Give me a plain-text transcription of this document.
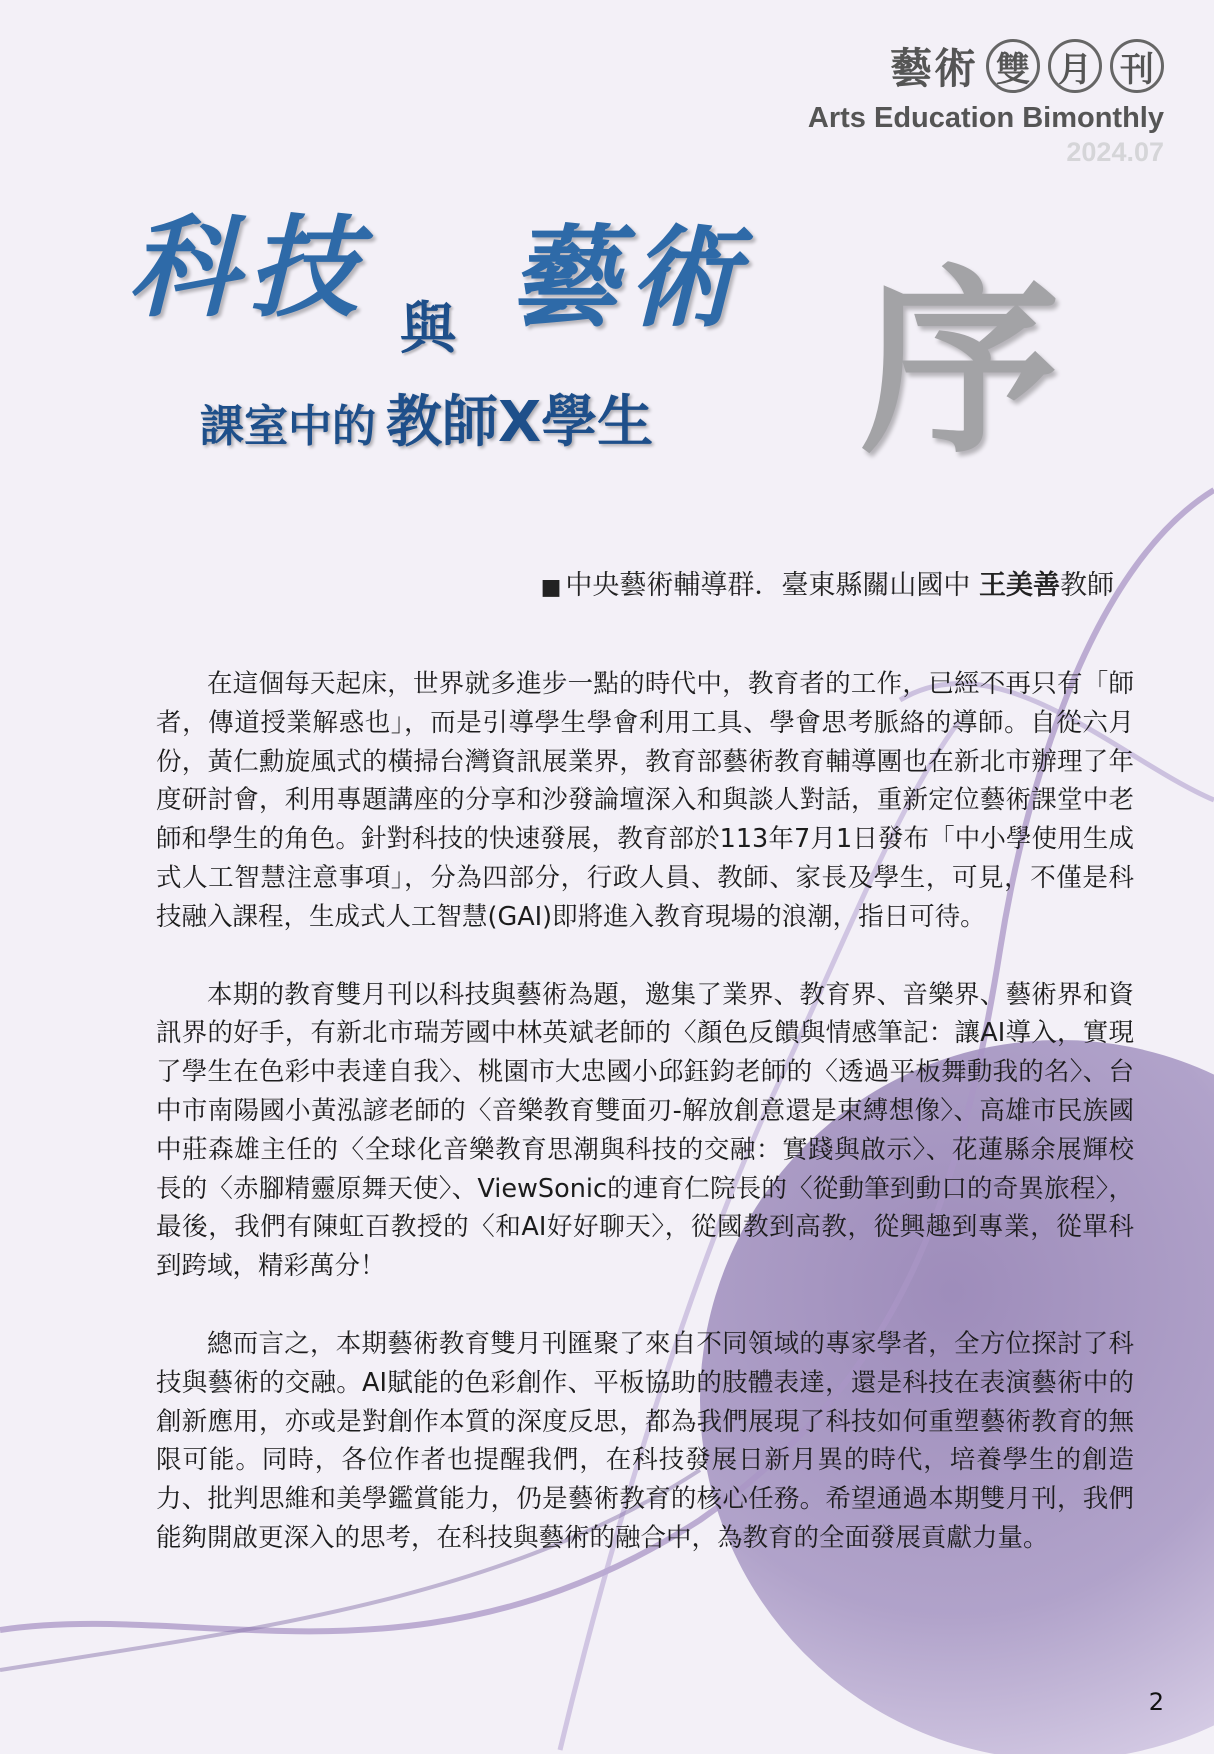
藝術 雙 月 刊
Arts Education Bimonthly
2024.07
科技 與 藝術
課室中的 教師X學生 序
■ 中央藝術輔導群．臺東縣關山國中 王美善教師

在這個每天起床，世界就多進步一點的時代中，教育者的工作，已經不再只有「師者，傳道授業解惑也」，而是引導學生學會利用工具、學會思考脈絡的導師。自從六月份，黃仁勳旋風式的橫掃台灣資訊展業界，教育部藝術教育輔導團也在新北市辦理了年度研討會，利用專題講座的分享和沙發論壇深入和與談人對話，重新定位藝術課堂中老師和學生的角色。針對科技的快速發展，教育部於113年7月1日發布「中小學使用生成式人工智慧注意事項」，分為四部分，行政人員、教師、家長及學生，可見，不僅是科技融入課程，生成式人工智慧(GAI)即將進入教育現場的浪潮，指日可待。

本期的教育雙月刊以科技與藝術為題，邀集了業界、教育界、音樂界、藝術界和資訊界的好手，有新北市瑞芳國中林英斌老師的〈顏色反饋與情感筆記：讓AI導入，實現了學生在色彩中表達自我〉、桃園市大忠國小邱鈺鈞老師的〈透過平板舞動我的名〉、台中市南陽國小黃泓諺老師的〈音樂教育雙面刃-解放創意還是束縛想像〉、高雄市民族國中莊森雄主任的〈全球化音樂教育思潮與科技的交融：實踐與啟示〉、花蓮縣余展輝校長的〈赤腳精靈原舞天使〉、ViewSonic的連育仁院長的〈從動筆到動口的奇異旅程〉，最後，我們有陳虹百教授的〈和AI好好聊天〉，從國教到高教，從興趣到專業，從單科到跨域，精彩萬分！

總而言之，本期藝術教育雙月刊匯聚了來自不同領域的專家學者，全方位探討了科技與藝術的交融。AI賦能的色彩創作、平板協助的肢體表達，還是科技在表演藝術中的創新應用，亦或是對創作本質的深度反思，都為我們展現了科技如何重塑藝術教育的無限可能。同時，各位作者也提醒我們，在科技發展日新月異的時代，培養學生的創造力、批判思維和美學鑑賞能力，仍是藝術教育的核心任務。希望通過本期雙月刊，我們能夠開啟更深入的思考，在科技與藝術的融合中，為教育的全面發展貢獻力量。

2
